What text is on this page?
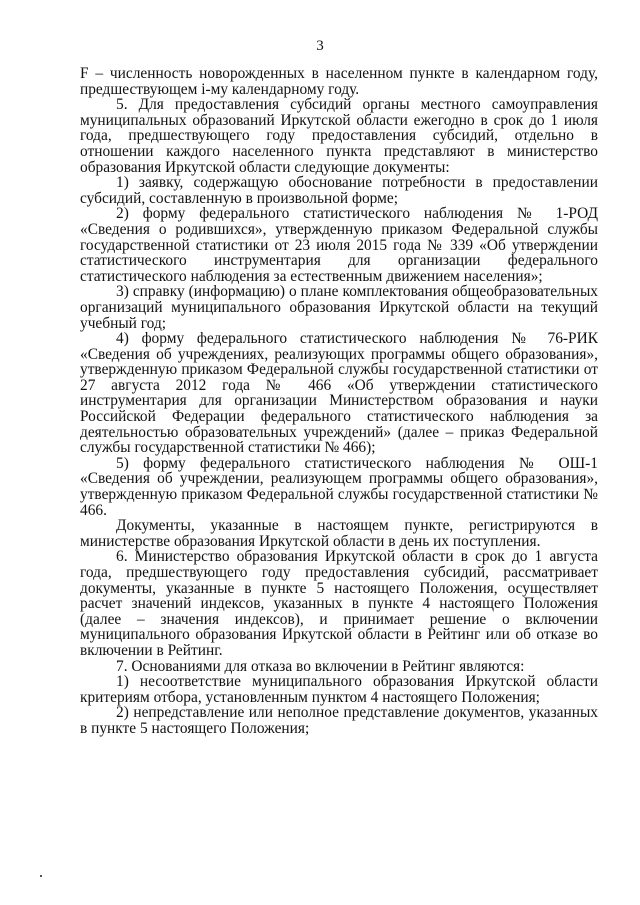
3

F – численность новорожденных в населенном пункте в календарном году, предшествующем i-му календарному году.

5. Для предоставления субсидий органы местного самоуправления муниципальных образований Иркутской области ежегодно в срок до 1 июля года, предшествующего году предоставления субсидий, отдельно в отношении каждого населенного пункта представляют в министерство образования Иркутской области следующие документы:

1) заявку, содержащую обоснование потребности в предоставлении субсидий, составленную в произвольной форме;

2) форму федерального статистического наблюдения № 1-РОД «Сведения о родившихся», утвержденную приказом Федеральной службы государственной статистики от 23 июля 2015 года № 339 «Об утверждении статистического инструментария для организации федерального статистического наблюдения за естественным движением населения»;

3) справку (информацию) о плане комплектования общеобразовательных организаций муниципального образования Иркутской области на текущий учебный год;

4) форму федерального статистического наблюдения № 76-РИК «Сведения об учреждениях, реализующих программы общего образования», утвержденную приказом Федеральной службы государственной статистики от 27 августа 2012 года № 466 «Об утверждении статистического инструментария для организации Министерством образования и науки Российской Федерации федерального статистического наблюдения за деятельностью образовательных учреждений» (далее – приказ Федеральной службы государственной статистики № 466);

5) форму федерального статистического наблюдения № ОШ-1 «Сведения об учреждении, реализующем программы общего образования», утвержденную приказом Федеральной службы государственной статистики № 466.

Документы, указанные в настоящем пункте, регистрируются в министерстве образования Иркутской области в день их поступления.

6. Министерство образования Иркутской области в срок до 1 августа года, предшествующего году предоставления субсидий, рассматривает документы, указанные в пункте 5 настоящего Положения, осуществляет расчет значений индексов, указанных в пункте 4 настоящего Положения (далее – значения индексов), и принимает решение о включении муниципального образования Иркутской области в Рейтинг или об отказе во включении в Рейтинг.

7. Основаниями для отказа во включении в Рейтинг являются:

1) несоответствие муниципального образования Иркутской области критериям отбора, установленным пунктом 4 настоящего Положения;

2) непредставление или неполное представление документов, указанных в пункте 5 настоящего Положения;
